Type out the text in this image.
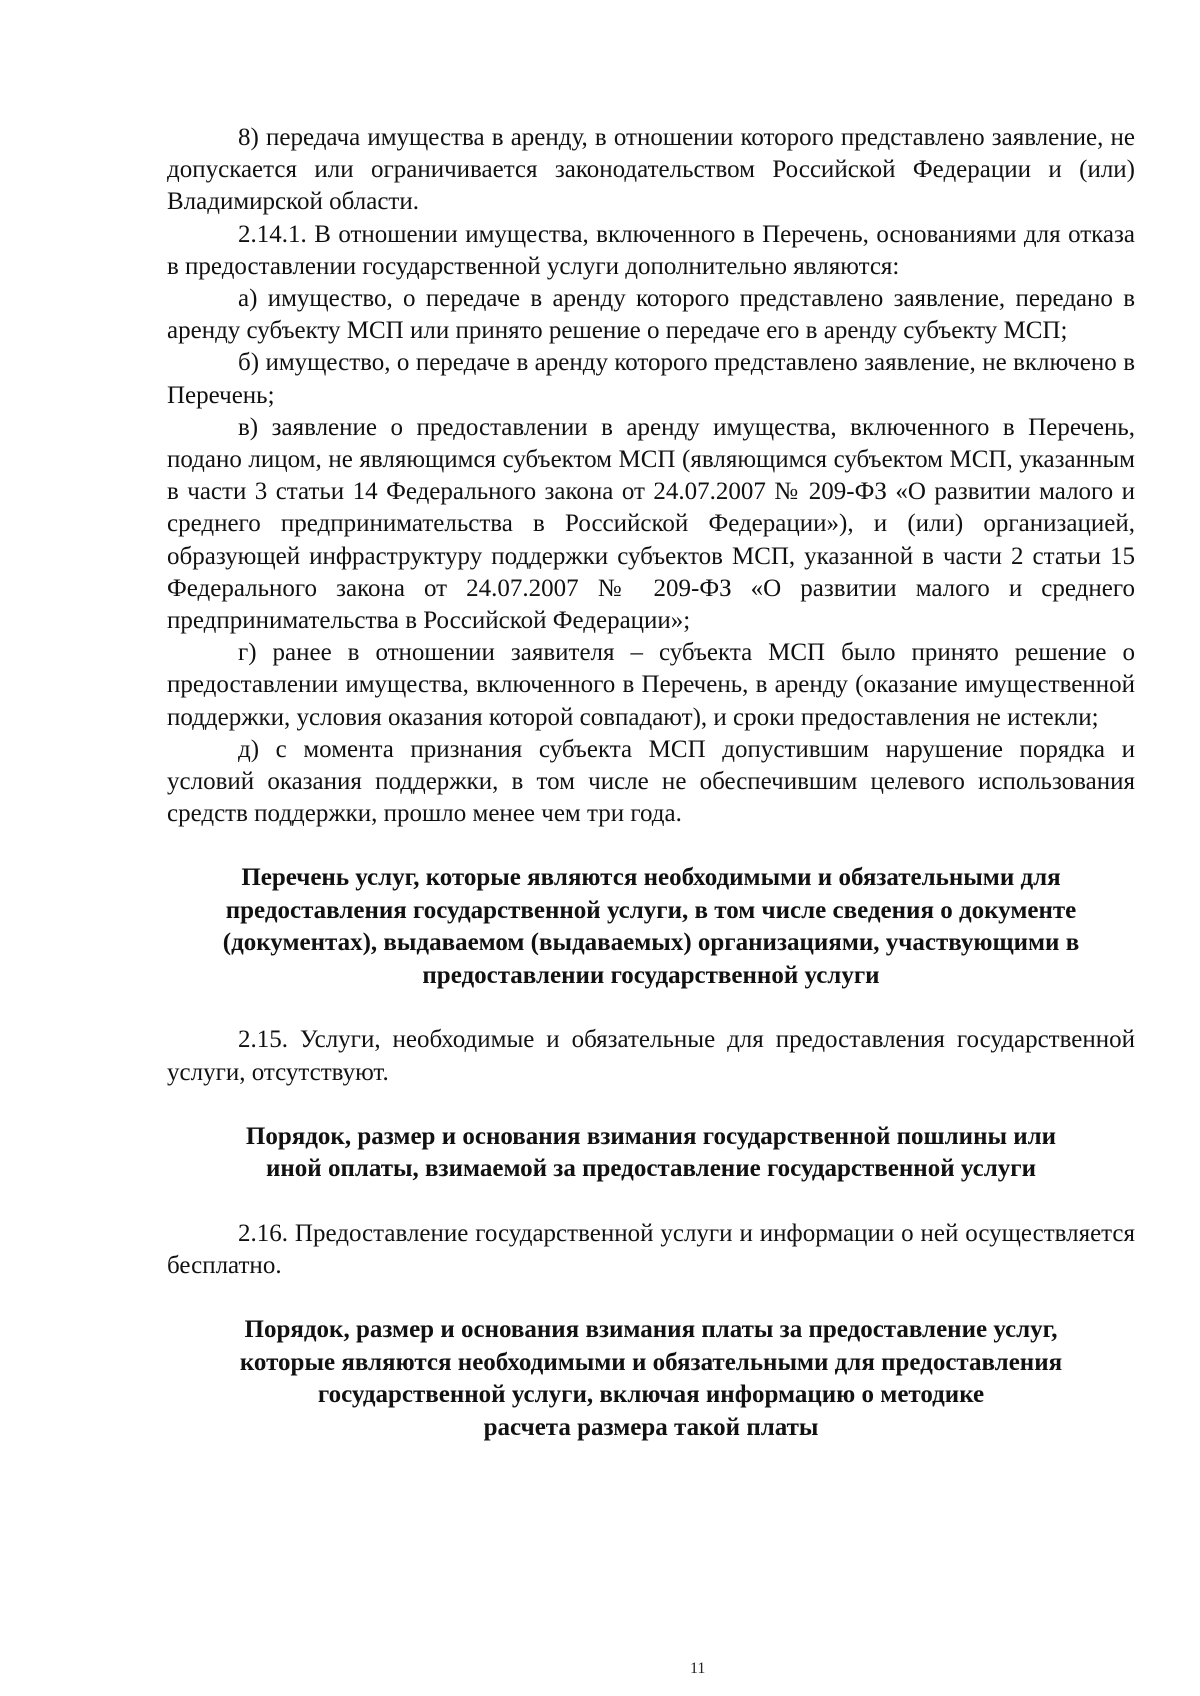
8) передача имущества в аренду, в отношении которого представлено заявление, не допускается или ограничивается законодательством Российской Федерации и (или) Владимирской области.

2.14.1. В отношении имущества, включенного в Перечень, основаниями для отказа в предоставлении государственной услуги дополнительно являются:

а) имущество, о передаче в аренду которого представлено заявление, передано в аренду субъекту МСП или принято решение о передаче его в аренду субъекту МСП;

б) имущество, о передаче в аренду которого представлено заявление, не включено в Перечень;

в) заявление о предоставлении в аренду имущества, включенного в Перечень, подано лицом, не являющимся субъектом МСП (являющимся субъектом МСП, указанным в части 3 статьи 14 Федерального закона от 24.07.2007 № 209-ФЗ «О развитии малого и среднего предпринимательства в Российской Федерации»), и (или) организацией, образующей инфраструктуру поддержки субъектов МСП, указанной в части 2 статьи 15 Федерального закона от 24.07.2007 № 209-ФЗ «О развитии малого и среднего предпринимательства в Российской Федерации»;

г) ранее в отношении заявителя – субъекта МСП было принято решение о предоставлении имущества, включенного в Перечень, в аренду (оказание имущественной поддержки, условия оказания которой совпадают), и сроки предоставления не истекли;

д) с момента признания субъекта МСП допустившим нарушение порядка и условий оказания поддержки, в том числе не обеспечившим целевого использования средств поддержки, прошло менее чем три года.

Перечень услуг, которые являются необходимыми и обязательными для
предоставления государственной услуги, в том числе сведения о документе
(документах), выдаваемом (выдаваемых) организациями, участвующими в
предоставлении государственной услуги

2.15. Услуги, необходимые и обязательные для предоставления государственной услуги, отсутствуют.

Порядок, размер и основания взимания государственной пошлины или
иной оплаты, взимаемой за предоставление государственной услуги

2.16. Предоставление государственной услуги и информации о ней осуществляется бесплатно.

Порядок, размер и основания взимания платы за предоставление услуг,
которые являются необходимыми и обязательными для предоставления
государственной услуги, включая информацию о методике
расчета размера такой платы
11
